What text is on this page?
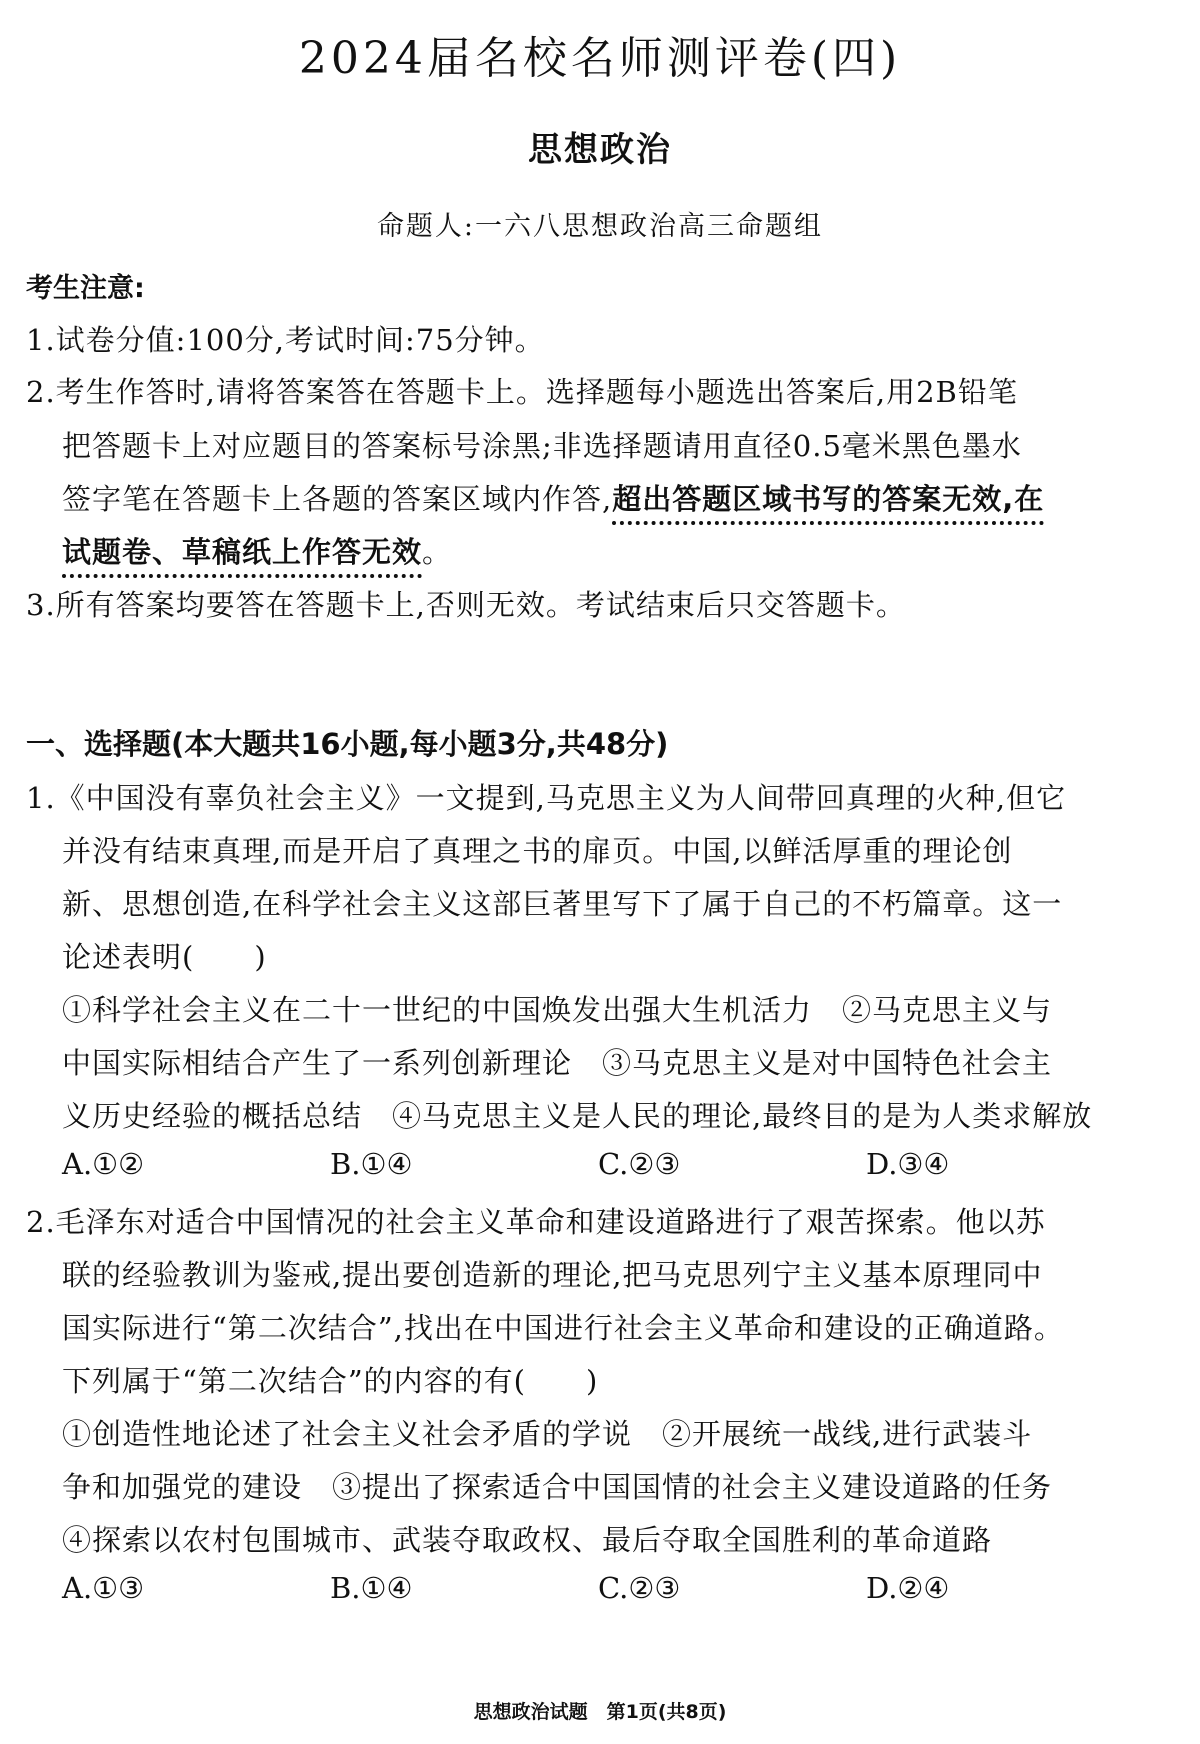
2024届名校名师测评卷(四)
思想政治
命题人:一六八思想政治高三命题组
考生注意:
1.试卷分值:100分,考试时间:75分钟。
2.考生作答时,请将答案答在答题卡上。选择题每小题选出答案后,用2B铅笔
把答题卡上对应题目的答案标号涂黑;非选择题请用直径0.5毫米黑色墨水
签字笔在答题卡上各题的答案区域内作答,超出答题区域书写的答案无效,在
试题卷、草稿纸上作答无效。
3.所有答案均要答在答题卡上,否则无效。考试结束后只交答题卡。
一、选择题(本大题共16小题,每小题3分,共48分)
1.《中国没有辜负社会主义》一文提到,马克思主义为人间带回真理的火种,但它
并没有结束真理,而是开启了真理之书的扉页。中国,以鲜活厚重的理论创
新、思想创造,在科学社会主义这部巨著里写下了属于自己的不朽篇章。这一
论述表明(　　)
①科学社会主义在二十一世纪的中国焕发出强大生机活力　②马克思主义与
中国实际相结合产生了一系列创新理论　③马克思主义是对中国特色社会主
义历史经验的概括总结　④马克思主义是人民的理论,最终目的是为人类求解放
A.①②	B.①④	C.②③	D.③④
2.毛泽东对适合中国情况的社会主义革命和建设道路进行了艰苦探索。他以苏
联的经验教训为鉴戒,提出要创造新的理论,把马克思列宁主义基本原理同中
国实际进行“第二次结合”,找出在中国进行社会主义革命和建设的正确道路。
下列属于“第二次结合”的内容的有(　　)
①创造性地论述了社会主义社会矛盾的学说　②开展统一战线,进行武装斗
争和加强党的建设　③提出了探索适合中国国情的社会主义建设道路的任务
④探索以农村包围城市、武装夺取政权、最后夺取全国胜利的革命道路
A.①③	B.①④	C.②③	D.②④
思想政治试题　第1页(共8页)
